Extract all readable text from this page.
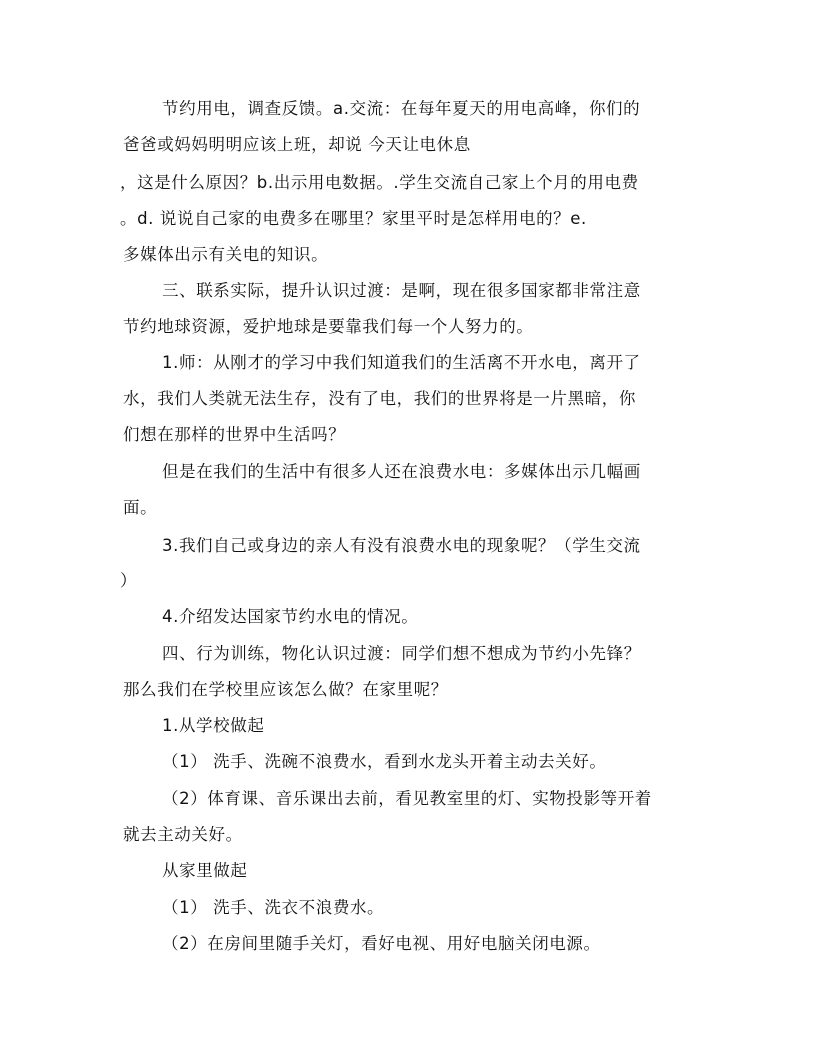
节约用电，调查反馈。a.交流：在每年夏天的用电高峰，你们的
爸爸或妈妈明明应该上班，却说 今天让电休息
，这是什么原因？b.出示用电数据。.学生交流自己家上个月的用电费
。d. 说说自己家的电费多在哪里？家里平时是怎样用电的？e.
多媒体出示有关电的知识。
三、联系实际，提升认识过渡：是啊，现在很多国家都非常注意
节约地球资源，爱护地球是要靠我们每一个人努力的。
1.师：从刚才的学习中我们知道我们的生活离不开水电，离开了
水，我们人类就无法生存，没有了电，我们的世界将是一片黑暗，你
们想在那样的世界中生活吗？
但是在我们的生活中有很多人还在浪费水电：多媒体出示几幅画
面。
3.我们自己或身边的亲人有没有浪费水电的现象呢？（学生交流
）
4.介绍发达国家节约水电的情况。
四、行为训练，物化认识过渡：同学们想不想成为节约小先锋？
那么我们在学校里应该怎么做？在家里呢？
1.从学校做起
（1） 洗手、洗碗不浪费水，看到水龙头开着主动去关好。
（2）体育课、音乐课出去前，看见教室里的灯、实物投影等开着
就去主动关好。
从家里做起
（1） 洗手、洗衣不浪费水。
（2）在房间里随手关灯，看好电视、用好电脑关闭电源。
